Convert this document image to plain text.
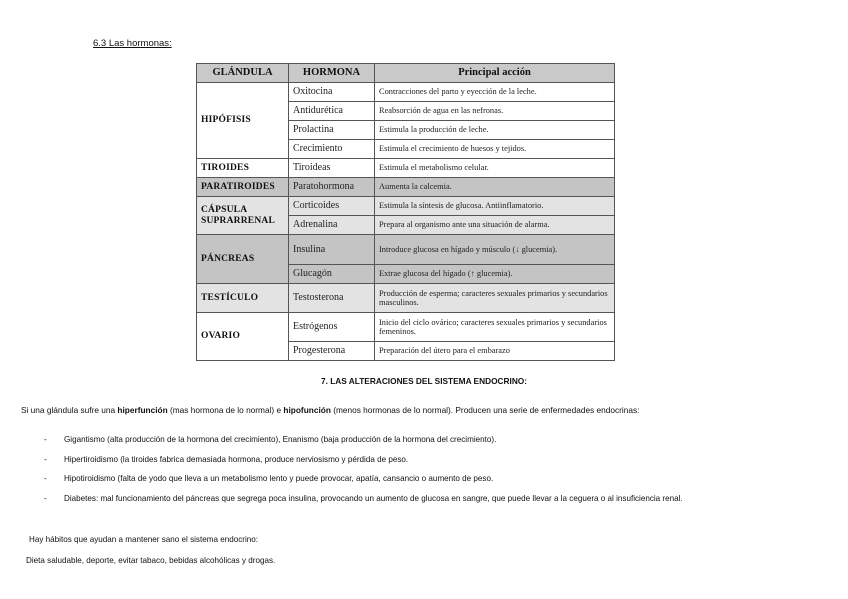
6.3 Las hormonas:
GLÁNDULA	HORMONA	Principal acción
HIPÓFISIS	Oxitocina	Contracciones del parto y eyección de la leche.
	Antidurética	Reabsorción de agua en las nefronas.
	Prolactina	Estimula la producción de leche.
	Crecimiento	Estimula el crecimiento de huesos y tejidos.
TIROIDES	Tiroideas	Estimula el metabolismo celular.
PARATIROIDES	Paratohormona	Aumenta la calcemia.
CÁPSULA SUPRARRENAL	Corticoides	Estimula la síntesis de glucosa. Antiinflamatorio.
	Adrenalina	Prepara al organismo ante una situación de alarma.
PÁNCREAS	Insulina	Introduce glucosa en hígado y músculo (↓ glucemia).
	Glucagón	Extrae glucosa del hígado (↑ glucemia).
TESTÍCULO	Testosterona	Producción de esperma; caracteres sexuales primarios y secundarios masculinos.
OVARIO	Estrógenos	Inicio del ciclo ovárico; caracteres sexuales primarios y secundarios femeninos.
	Progesterona	Preparación del útero para el embarazo
7. LAS ALTERACIONES DEL SISTEMA ENDOCRINO:
Si una glándula sufre una hiperfunción (mas hormona de lo normal) e hipofunción (menos hormonas de lo normal). Producen una serie de enfermedades endocrinas:
- Gigantismo (alta producción de la hormona del crecimiento), Enanismo (baja producción de la hormona del crecimiento).
- Hipertiroidismo (la tiroides fabrica demasiada hormona, produce nerviosismo y pérdida de peso.
- Hipotiroidismo (falta de yodo que lleva a un metabolismo lento y puede provocar, apatía, cansancio o aumento de peso.
- Diabetes: mal funcionamiento del páncreas que segrega poca insulina, provocando un aumento de glucosa en sangre, que puede llevar a la ceguera o al insuficiencia renal.
Hay hábitos que ayudan a mantener sano el sistema endocrino:
Dieta saludable, deporte, evitar tabaco, bebidas alcohólicas y drogas.
